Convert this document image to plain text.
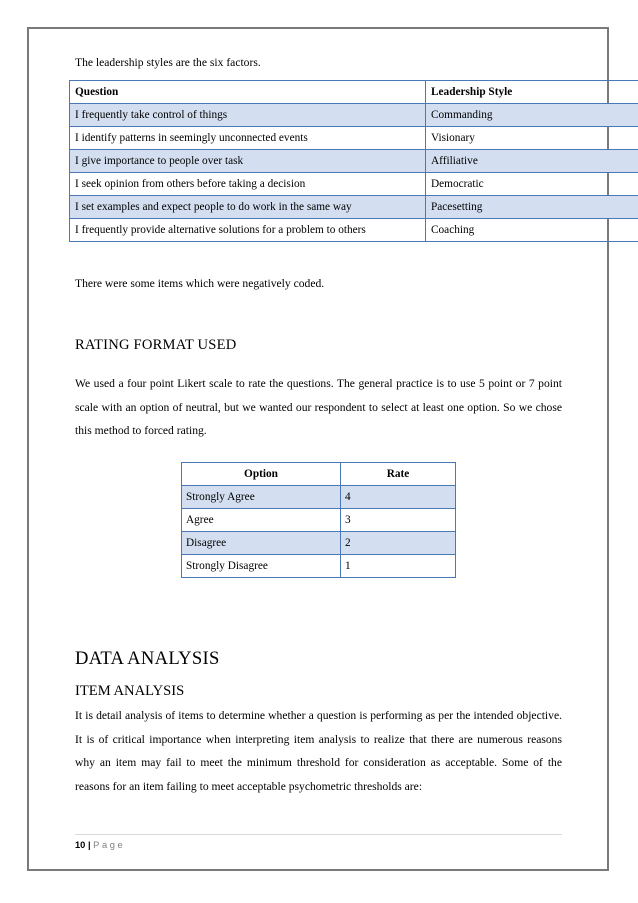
The leadership styles are the six factors.
Question	Leadership Style
I frequently take control of things	Commanding
I identify patterns in seemingly unconnected events	Visionary
I give importance to people over task	Affiliative
I seek opinion from others before taking a decision	Democratic
I set examples and expect people to do work in the same way	Pacesetting
I frequently provide alternative solutions for a problem to others	Coaching
There were some items which were negatively coded.
RATING FORMAT USED
We used a four point Likert scale to rate the questions. The general practice is to use 5 point or 7 point scale with an option of neutral, but we wanted our respondent to select at least one option. So we chose this method to forced rating.
Option	Rate
Strongly Agree	4
Agree	3
Disagree	2
Strongly Disagree	1
DATA ANALYSIS
ITEM ANALYSIS
It is detail analysis of items to determine whether a question is performing as per the intended objective. It is of critical importance when interpreting item analysis to realize that there are numerous reasons why an item may fail to meet the minimum threshold for consideration as acceptable. Some of the reasons for an item failing to meet acceptable psychometric thresholds are:
10 | Page
